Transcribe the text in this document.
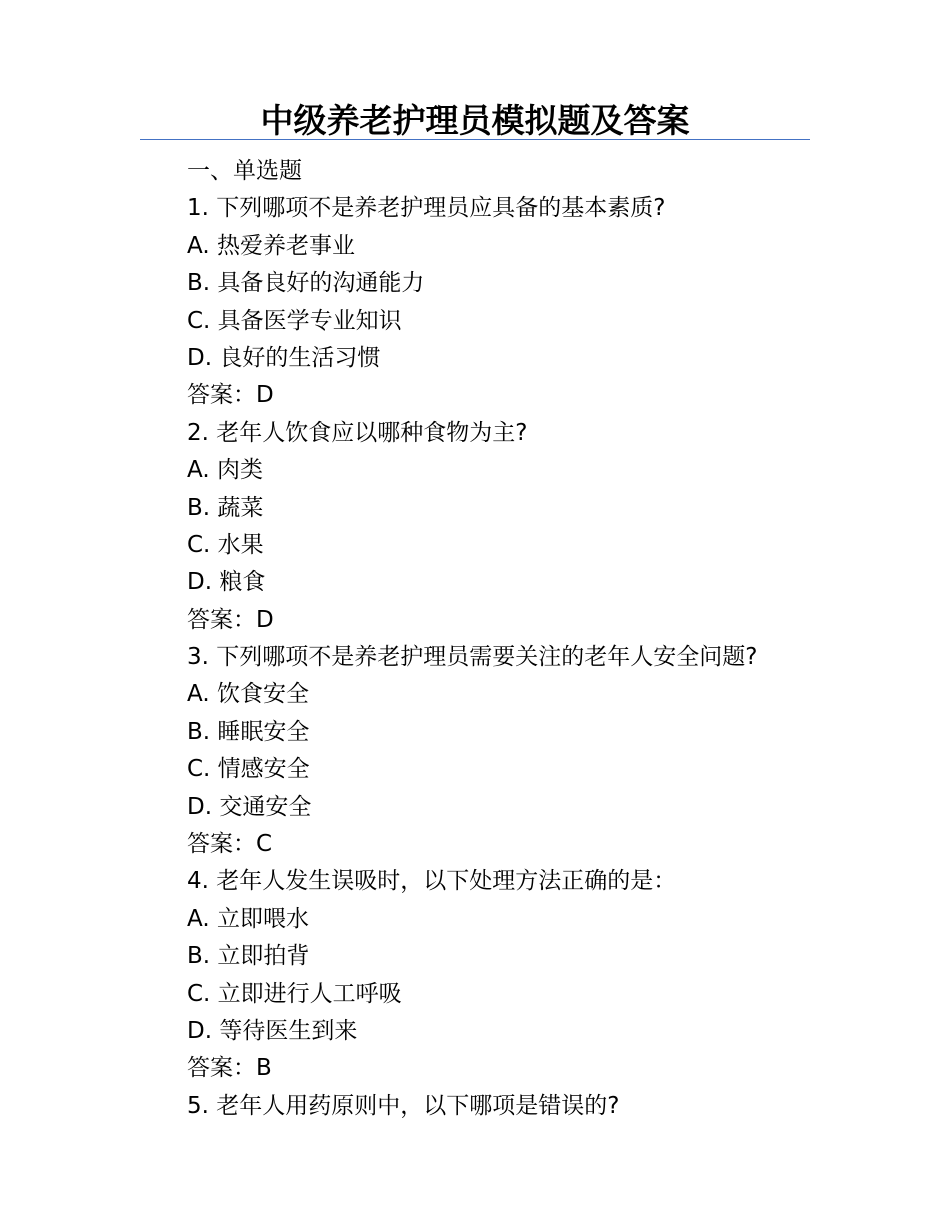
中级养老护理员模拟题及答案
一、单选题
1. 下列哪项不是养老护理员应具备的基本素质?
A. 热爱养老事业
B. 具备良好的沟通能力
C. 具备医学专业知识
D. 良好的生活习惯
答案：D
2. 老年人饮食应以哪种食物为主?
A. 肉类
B. 蔬菜
C. 水果
D. 粮食
答案：D
3. 下列哪项不是养老护理员需要关注的老年人安全问题?
A. 饮食安全
B. 睡眠安全
C. 情感安全
D. 交通安全
答案：C
4. 老年人发生误吸时，以下处理方法正确的是：
A. 立即喂水
B. 立即拍背
C. 立即进行人工呼吸
D. 等待医生到来
答案：B
5. 老年人用药原则中，以下哪项是错误的?
